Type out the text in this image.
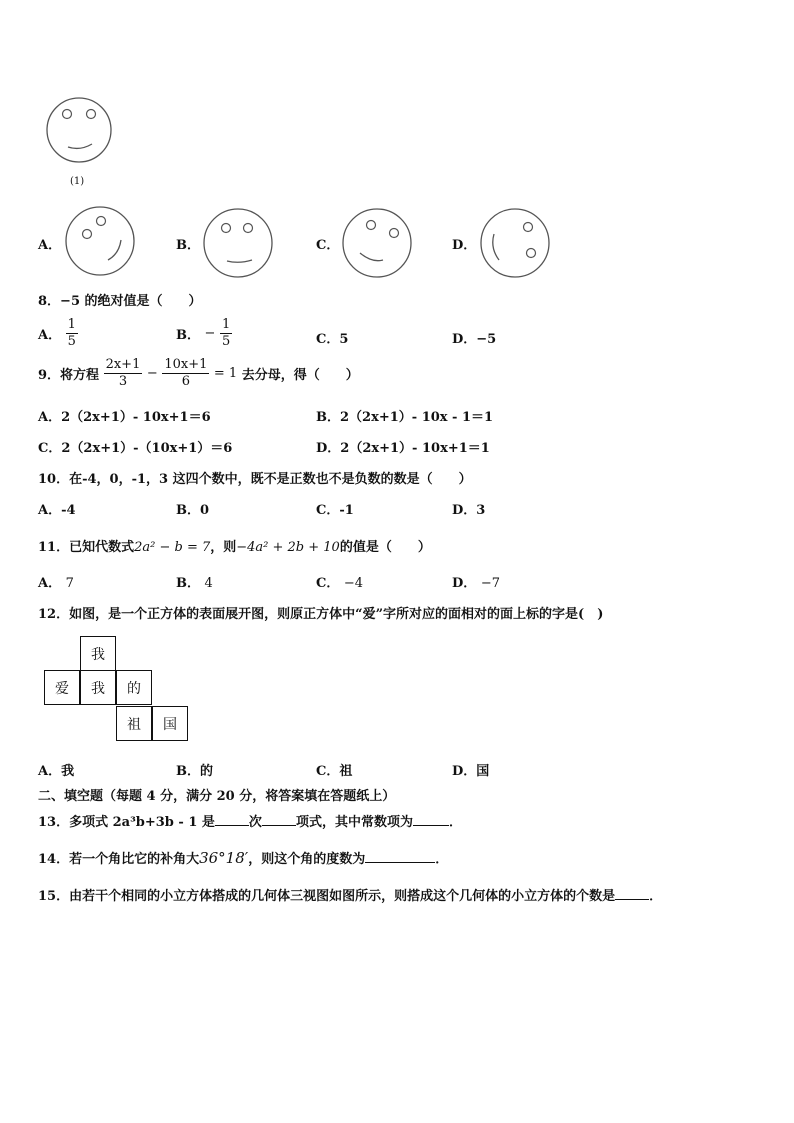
(1)
A．	B．	C．	D．
8．−5 的绝对值是（　　）
A． $\frac{1}{5}$	B． − $\frac{1}{5}$	C．5	D．−5
9．将方程 $\frac{2x+1}{3} - \frac{10x+1}{6} = 1$ 去分母，得（　　）
A．2（2x+1）- 10x+1＝6	B．2（2x+1）- 10x - 1＝1
C．2（2x+1）-（10x+1）＝6	D．2（2x+1）- 10x+1＝1
10．在-4，0，-1，3 这四个数中，既不是正数也不是负数的数是（　　）
A．-4	B．0	C．-1	D．3
11．已知代数式2a² − b = 7，则−4a² + 2b + 10的值是（　　）
A． 7	B． 4	C． −4	D． −7
12．如图，是一个正方体的表面展开图，则原正方体中“爱”字所对应的面相对的面上标的字是(　)
我
爱	我	的
祖	国
A．我	B．的	C．祖	D．国
二、填空题（每题 4 分，满分 20 分，将答案填在答题纸上）
13．多项式 2a³b+3b - 1 是	次	项式，其中常数项为	．
14．若一个角比它的补角大36°18′，则这个角的度数为	．
15．由若干个相同的小立方体搭成的几何体三视图如图所示，则搭成这个几何体的小立方体的个数是	．
